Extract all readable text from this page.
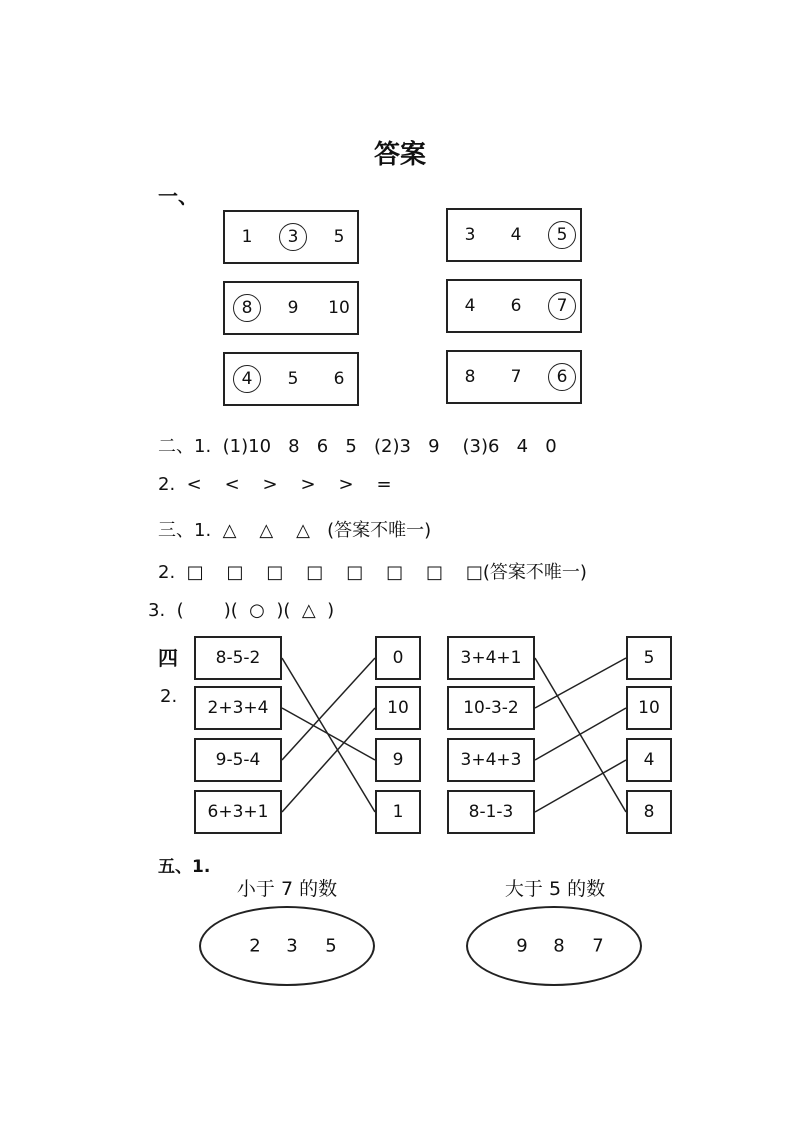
答案
一、
1	3	5
8	9 10
4	5 6
3 4	5
4 6	7
8 7	6
二、1.  (1)10   8   6   5   (2)3   9    (3)6   4   0
2.  <    <    >    >    >    =
三、1.  △    △    △   (答案不唯一)
2.  □    □    □    □    □    □    □    □(答案不唯一)
3.  (       )(  ○  )(  △  )
四
2.
8-5-2
2+3+4
9-5-4
6+3+1
0
10
9
1
3+4+1
10-3-2
3+4+3
8-1-3
5
10
4
8
五、1.
小于 7 的数
2 3 5
大于 5 的数
9 8 7
